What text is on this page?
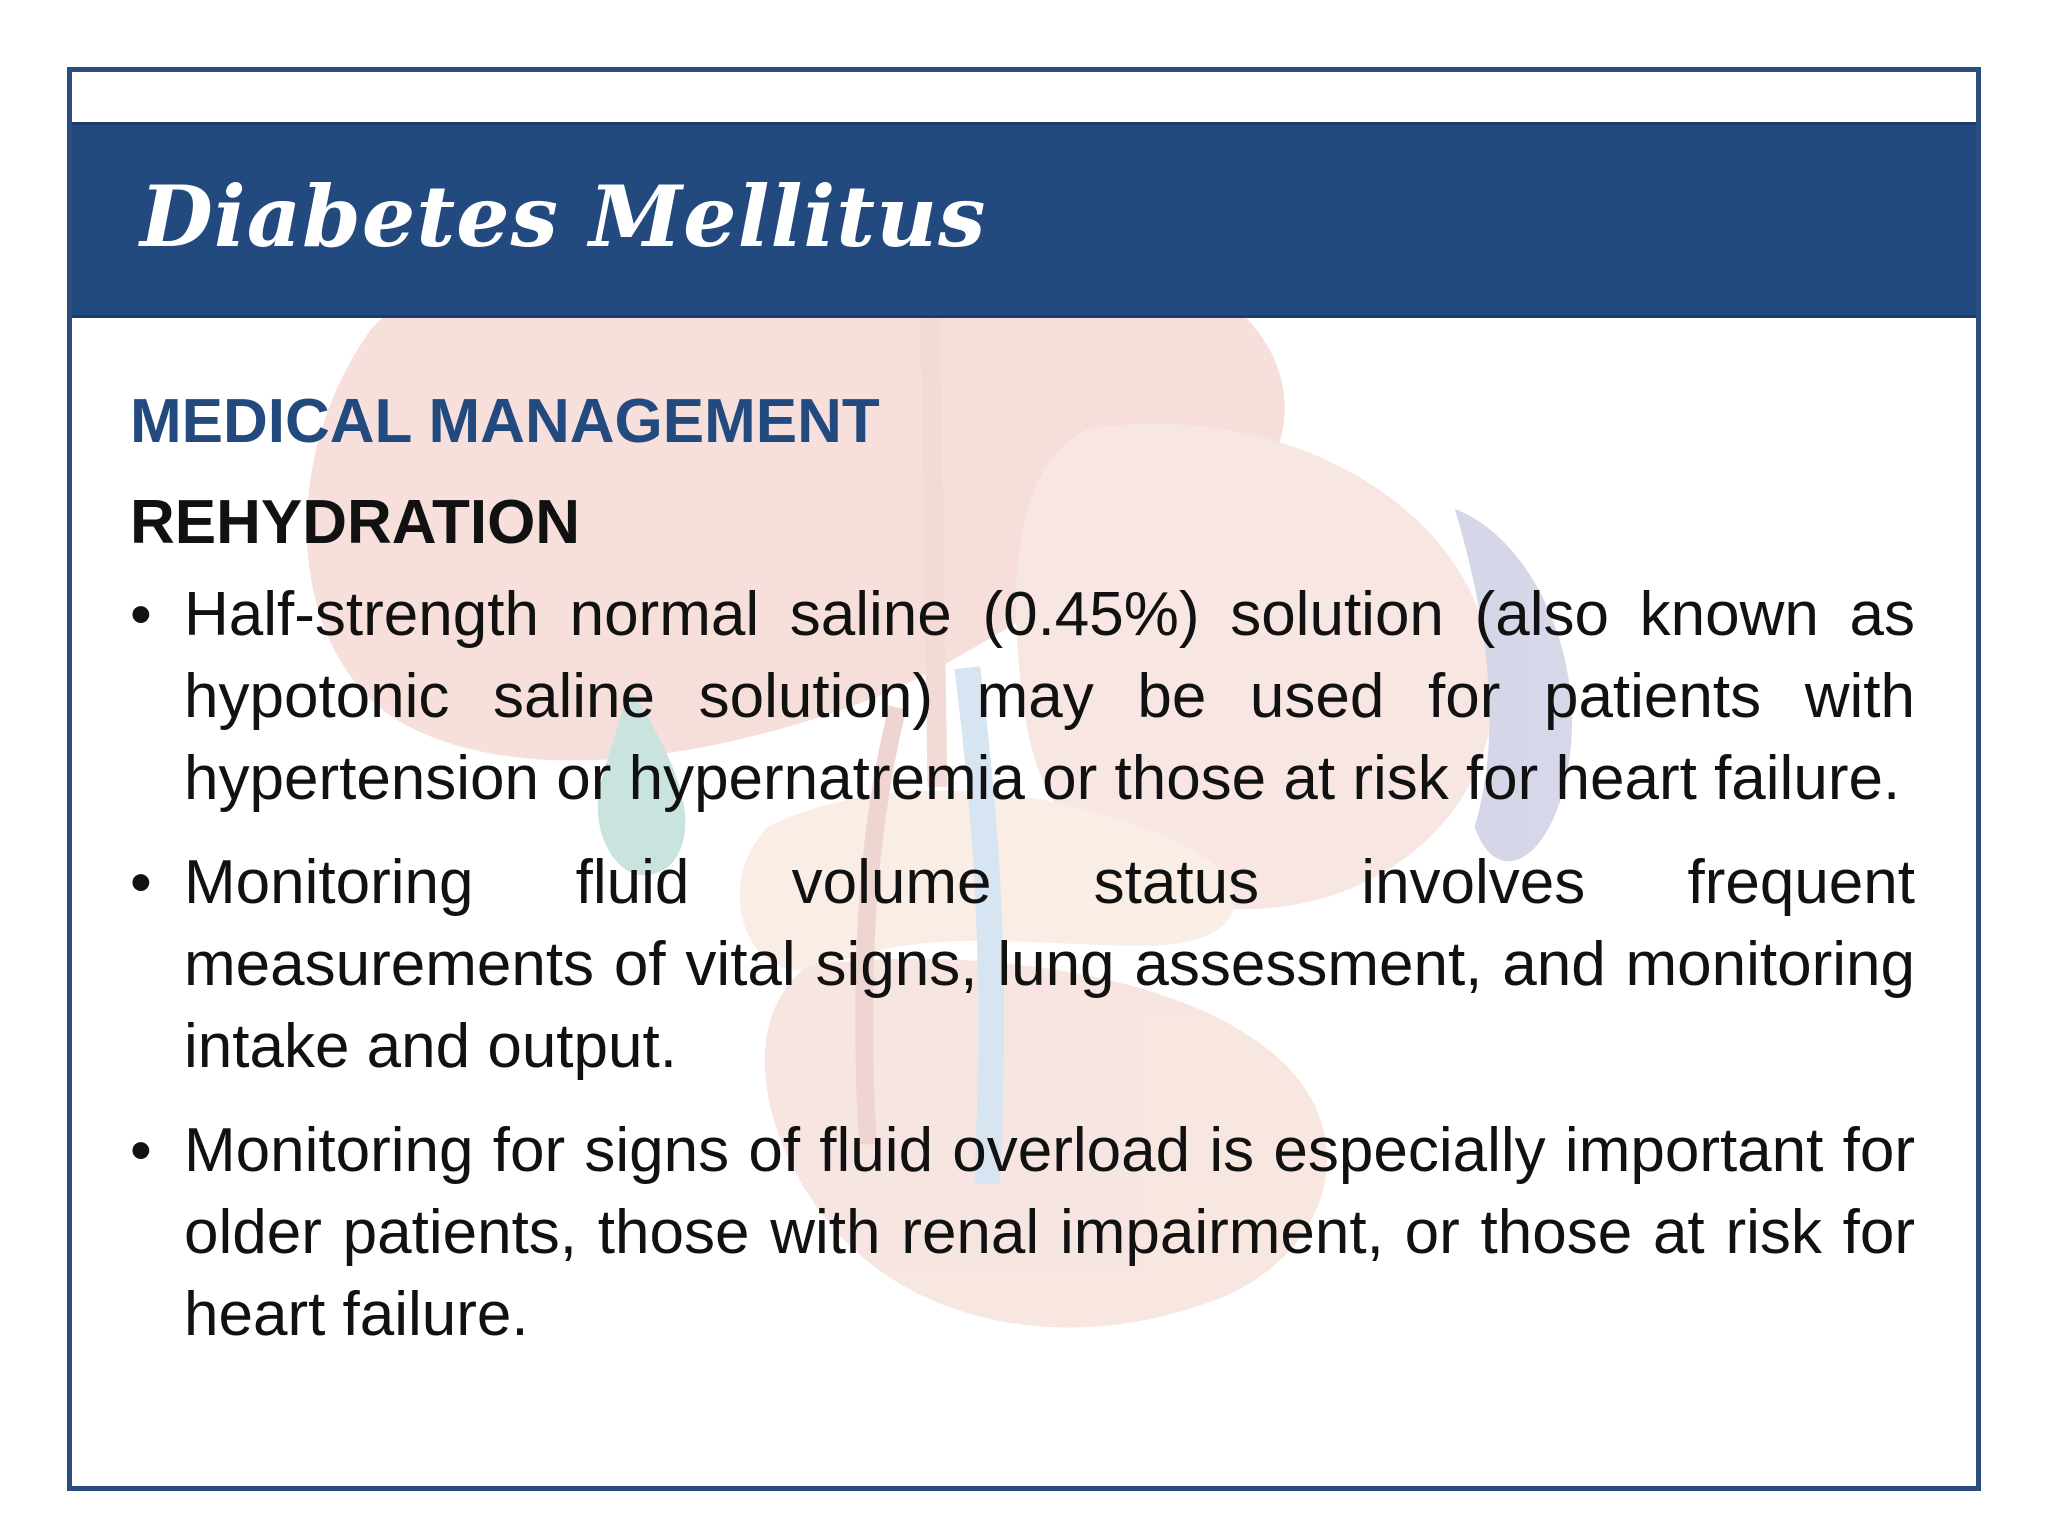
Diabetes Mellitus
MEDICAL MANAGEMENT
REHYDRATION
• Half-strength normal saline (0.45%) solution (also known as hypotonic saline solution) may be used for patients with hypertension or hypernatremia or those at risk for heart failure.
• Monitoring fluid volume status involves frequent measurements of vital signs, lung assessment, and monitoring intake and output.
• Monitoring for signs of fluid overload is especially important for older patients, those with renal impairment, or those at risk for heart failure.
